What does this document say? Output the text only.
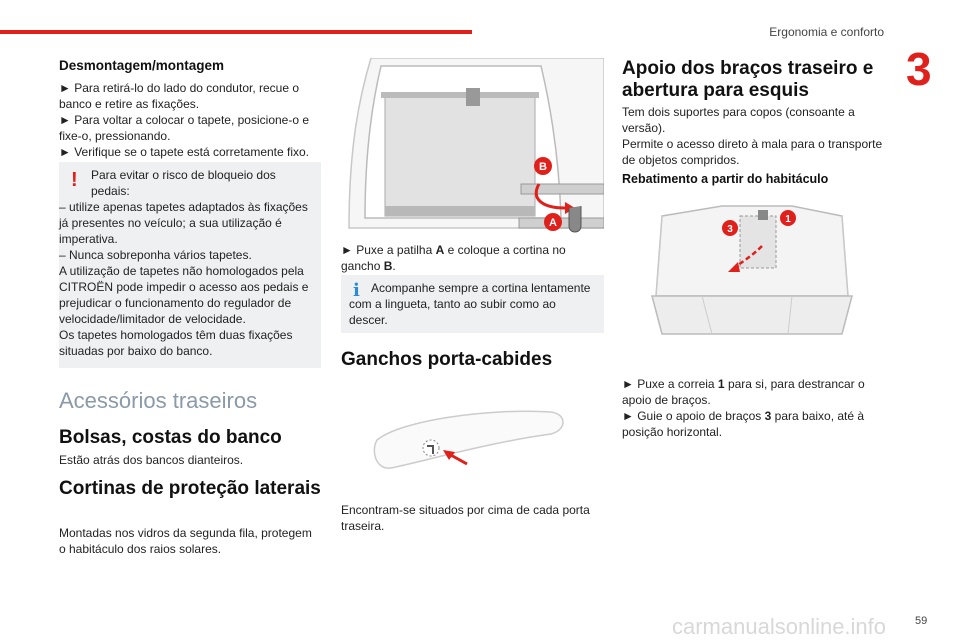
Ergonomia e conforto
3
Desmontagem/montagem

► Para retirá-lo do lado do condutor, recue o banco e retire as fixações.

► Para voltar a colocar o tapete, posicione-o e fixe-o, pressionando.

► Verifique se o tapete está corretamente fixo.

! Para evitar o risco de bloqueio dos pedais:

– utilize apenas tapetes adaptados às fixações já presentes no veículo; a sua utilização é imperativa.

– Nunca sobreponha vários tapetes.

A utilização de tapetes não homologados pela CITROËN pode impedir o acesso aos pedais e prejudicar o funcionamento do regulador de velocidade/limitador de velocidade.

Os tapetes homologados têm duas fixações situadas por baixo do banco.

Acessórios traseiros
Bolsas, costas do banco

Estão atrás dos bancos dianteiros.

Cortinas de proteção laterais

Montadas nos vidros da segunda fila, protegem o habitáculo dos raios solares.

B
A

► Puxe a patilha A e coloque a cortina no gancho B.

i Acompanhe sempre a cortina lentamente com a lingueta, tanto ao subir como ao descer.

Ganchos porta-cabides

Encontram-se situados por cima de cada porta traseira.

Apoio dos braços traseiro e abertura para esquis

Tem dois suportes para copos (consoante a versão).

Permite o acesso direto à mala para o transporte de objetos compridos.

Rebatimento a partir do habitáculo
1
3

► Puxe a correia 1 para si, para destrancar o apoio de braços.

► Guie o apoio de braços 3 para baixo, até à posição horizontal.

carmanualsonline.info	59
